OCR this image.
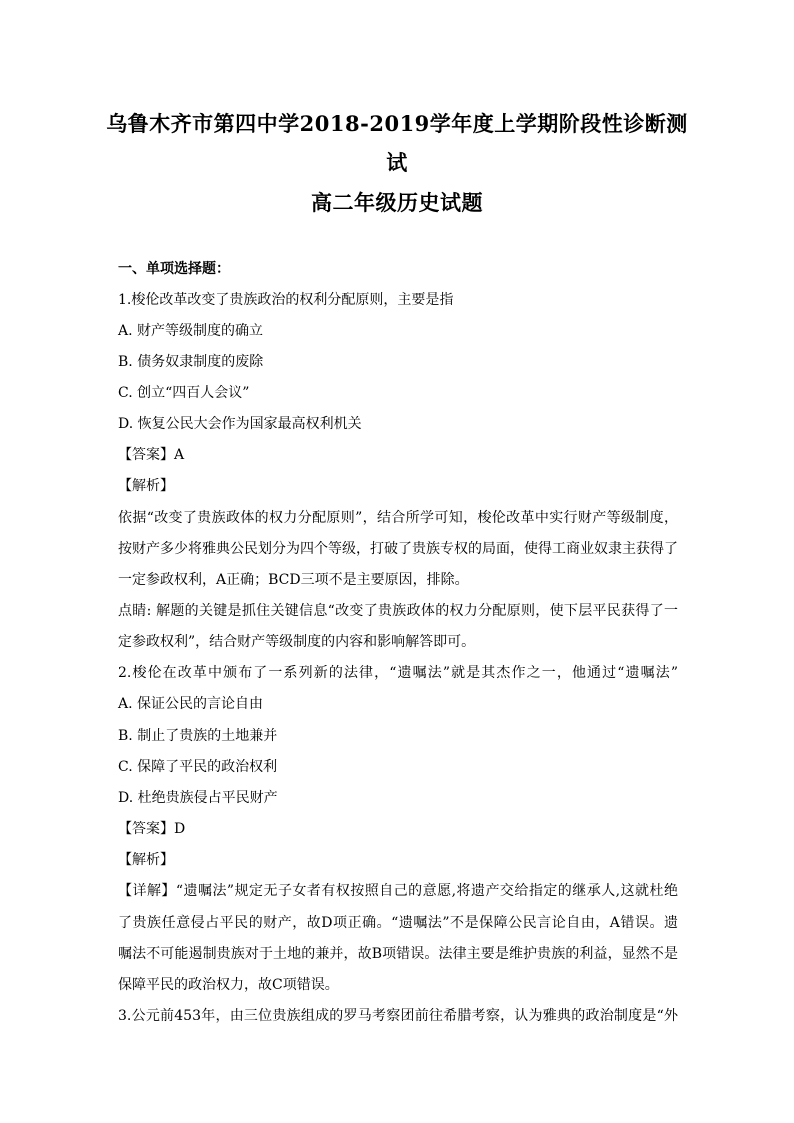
乌鲁木齐市第四中学2018-2019学年度上学期阶段性诊断测
试
高二年级历史试题
一、单项选择题：
1.梭伦改革改变了贵族政治的权利分配原则，主要是指
A. 财产等级制度的确立
B. 债务奴隶制度的废除
C. 创立“四百人会议”
D. 恢复公民大会作为国家最高权利机关
【答案】A
【解析】
依据“改变了贵族政体的权力分配原则”，结合所学可知，梭伦改革中实行财产等级制度，
按财产多少将雅典公民划分为四个等级，打破了贵族专权的局面，使得工商业奴隶主获得了
一定参政权利，A正确；BCD三项不是主要原因，排除。
点睛: 解题的关键是抓住关键信息“改变了贵族政体的权力分配原则，使下层平民获得了一
定参政权利”，结合财产等级制度的内容和影响解答即可。
2.梭伦在改革中颁布了一系列新的法律，“遗嘱法”就是其杰作之一，他通过“遗嘱法”
A. 保证公民的言论自由
B. 制止了贵族的土地兼并
C. 保障了平民的政治权利
D. 杜绝贵族侵占平民财产
【答案】D
【解析】
【详解】“遗嘱法”规定无子女者有权按照自己的意愿,将遗产交给指定的继承人,这就杜绝
了贵族任意侵占平民的财产，故D项正确。“遗嘱法”不是保障公民言论自由，A错误。遗
嘱法不可能遏制贵族对于土地的兼并，故B项错误。法律主要是维护贵族的利益，显然不是
保障平民的政治权力，故C项错误。
3.公元前453年，由三位贵族组成的罗马考察团前往希腊考察，认为雅典的政治制度是“外
